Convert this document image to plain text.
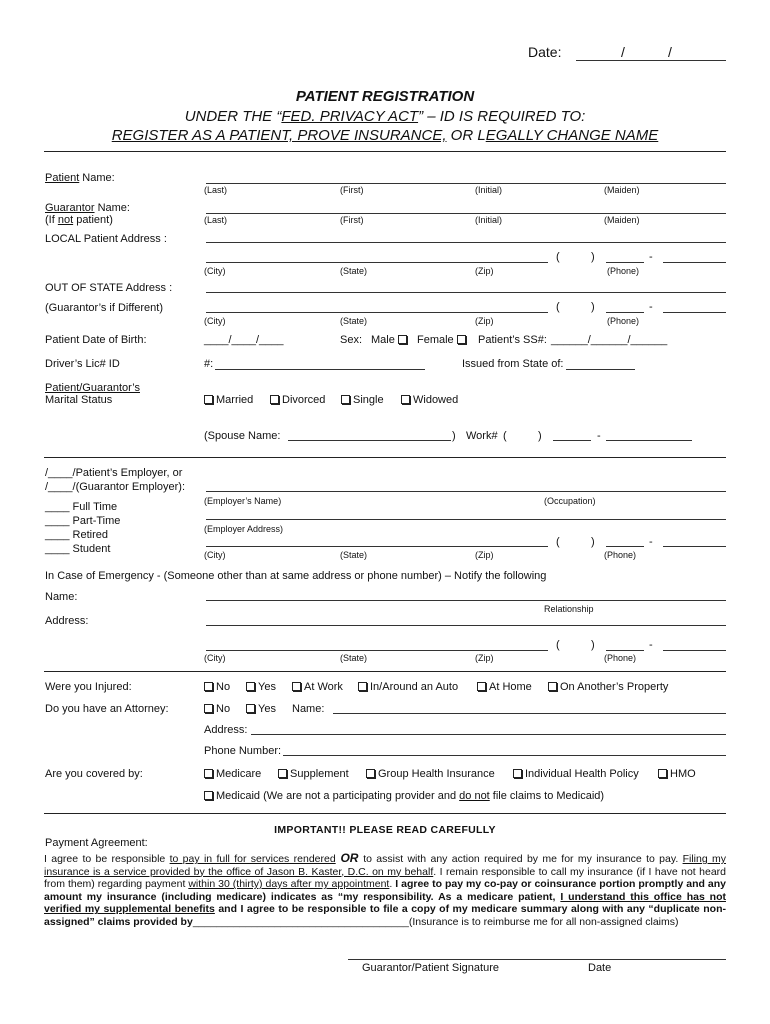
Date:	/	/
PATIENT REGISTRATION
UNDER THE “FED. PRIVACY ACT” – ID IS REQUIRED TO:
REGISTER AS A PATIENT, PROVE INSURANCE, OR LEGALLY CHANGE NAME
Patient Name:
(Last)	(First)	(Initial)	(Maiden)
Guarantor Name:
(If not patient)	(Last)	(First)	(Initial)	(Maiden)
LOCAL Patient Address :
(	)	-
(City)	(State)	(Zip)	(Phone)
OUT OF STATE Address :
(Guarantor’s if Different)	(	)	-
(City)	(State)	(Zip)	(Phone)
Patient Date of Birth:	____/____/____	Sex: Male	Female	Patient’s SS#: ______/______/______
Driver’s Lic# ID	#:	Issued from State of:
Patient/Guarantor’s
Marital Status	Married	Divorced	Single	Widowed
(Spouse Name:	) Work# (	)	-
/____/Patient’s Employer, or
/____/(Guarantor Employer):
(Employer’s Name)	(Occupation)
(Employer Address)
(	)	-
(City)	(State)	(Zip)	(Phone)
____ Full Time
____ Part-Time
____ Retired
____ Student
In Case of Emergency - (Someone other than at same address or phone number) – Notify the following
Name:
Relationship
Address:
(	)	-
(City)	(State)	(Zip)	(Phone)
Were you Injured:	No	Yes	At Work	In/Around an Auto	At Home	On Another’s Property
Do you have an Attorney:	No	Yes Name:
Address:
Phone Number:
Are you covered by:	Medicare	Supplement	Group Health Insurance	Individual Health Policy	HMO
Medicaid (We are not a participating provider and do not file claims to Medicaid)
IMPORTANT!! PLEASE READ CAREFULLY
Payment Agreement:
I agree to be responsible to pay in full for services rendered OR to assist with any action required by me for my insurance to pay. Filing my insurance is a service provided by the office of Jason B. Kaster, D.C. on my behalf. I remain responsible to call my insurance (if I have not heard from them) regarding payment within 30 (thirty) days after my appointment. I agree to pay my co-pay or coinsurance portion promptly and any amount my insurance (including medicare) indicates as “my responsibility. As a medicare patient, I understand this office has not verified my supplemental benefits and I agree to be responsible to file a copy of my medicare summary along with any “duplicate non-assigned” claims provided by_____________________________________(Insurance is to reimburse me for all non-assigned claims)
Guarantor/Patient Signature	Date
